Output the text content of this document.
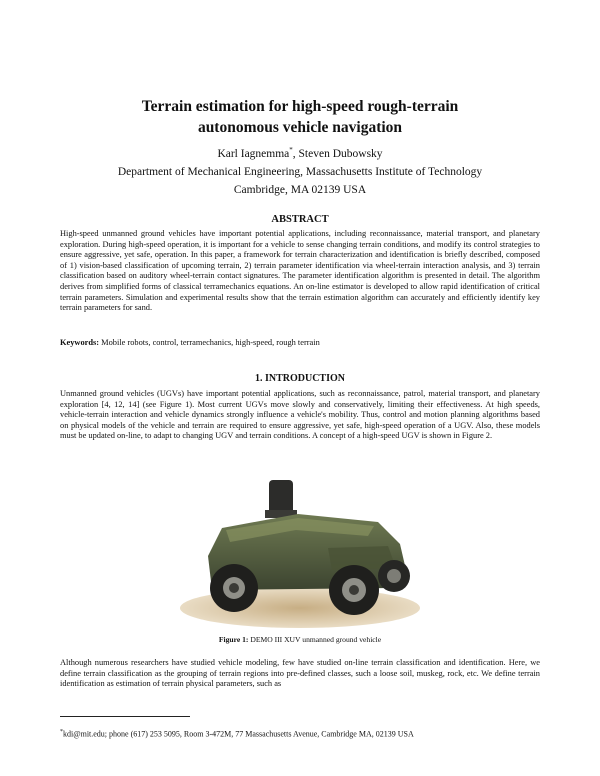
Terrain estimation for high-speed rough-terrain
autonomous vehicle navigation
Karl Iagnemma*, Steven Dubowsky
Department of Mechanical Engineering, Massachusetts Institute of Technology
Cambridge, MA 02139 USA
ABSTRACT

High-speed unmanned ground vehicles have important potential applications, including reconnaissance, material transport, and planetary exploration. During high-speed operation, it is important for a vehicle to sense changing terrain conditions, and modify its control strategies to ensure aggressive, yet safe, operation. In this paper, a framework for terrain characterization and identification is briefly described, composed of 1) vision-based classification of upcoming terrain, 2) terrain parameter identification via wheel-terrain interaction analysis, and 3) terrain classification based on auditory wheel-terrain contact signatures. The parameter identification algorithm is presented in detail. The algorithm derives from simplified forms of classical terramechanics equations. An on-line estimator is developed to allow rapid identification of critical terrain parameters. Simulation and experimental results show that the terrain estimation algorithm can accurately and efficiently identify key terrain parameters for sand.

Keywords: Mobile robots, control, terramechanics, high-speed, rough terrain
1. INTRODUCTION

Unmanned ground vehicles (UGVs) have important potential applications, such as reconnaissance, patrol, material transport, and planetary exploration [4, 12, 14] (see Figure 1). Most current UGVs move slowly and conservatively, limiting their effectiveness. At high speeds, vehicle-terrain interaction and vehicle dynamics strongly influence a vehicle's mobility. Thus, control and motion planning algorithms based on physical models of the vehicle and terrain are required to ensure aggressive, yet safe, high-speed operation of a UGV. Also, these models must be updated on-line, to adapt to changing UGV and terrain conditions. A concept of a high-speed UGV is shown in Figure 2.

Figure 1: DEMO III XUV unmanned ground vehicle

Although numerous researchers have studied vehicle modeling, few have studied on-line terrain classification and identification. Here, we define terrain classification as the grouping of terrain regions into pre-defined classes, such a loose soil, muskeg, rock, etc. We define terrain identification as estimation of terrain physical parameters, such as

*kdi@mit.edu; phone (617) 253 5095, Room 3-472M, 77 Massachusetts Avenue, Cambridge MA, 02139 USA
